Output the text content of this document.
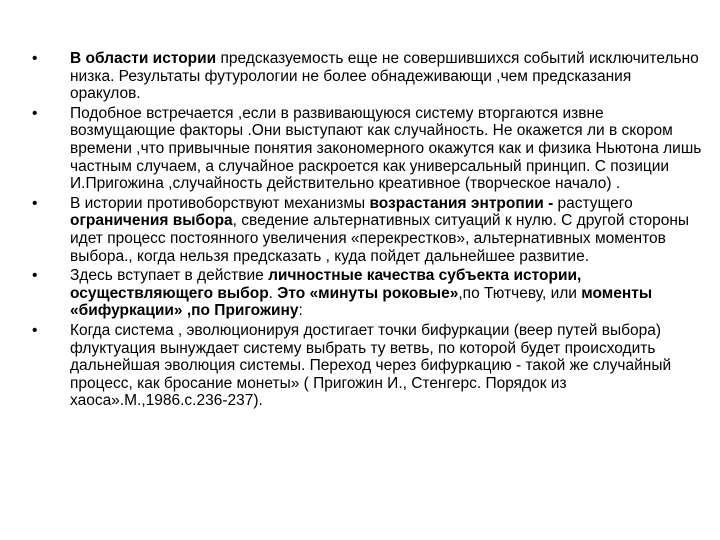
•	В области истории предсказуемость еще не совершившихся событий исключительно низка. Результаты футурологии не более обнадеживающи ,чем предсказания оракулов.
•	Подобное встречается ,если в развивающуюся систему вторгаются извне возмущающие факторы .Они выступают как случайность. Не окажется ли в скором времени ,что привычные понятия закономерного окажутся как и физика Ньютона лишь частным случаем, а случайное раскроется как универсальный принцип. С позиции И.Пригожина ,случайность действительно креативное (творческое начало) .
•	В истории противоборствуют механизмы возрастания энтропии - растущего ограничения выбора, сведение альтернативных ситуаций к нулю. С другой стороны идет процесс постоянного увеличения «перекрестков», альтернативных моментов выбора., когда нельзя предсказать , куда пойдет дальнейшее развитие.
•	Здесь вступает в действие личностные качества субъекта истории, осуществляющего выбор. Это «минуты роковые»,по Тютчеву, или моменты «бифуркации» ,по Пригожину:
•	Когда система , эволюционируя достигает точки бифуркации (веер путей выбора) флуктуация вынуждает систему выбрать ту ветвь, по которой будет происходить дальнейшая эволюция системы. Переход через бифуркацию - такой же случайный процесс, как бросание монеты» ( Пригожин И., Стенгерс. Порядок из хаоса».М.,1986.с.236-237).
